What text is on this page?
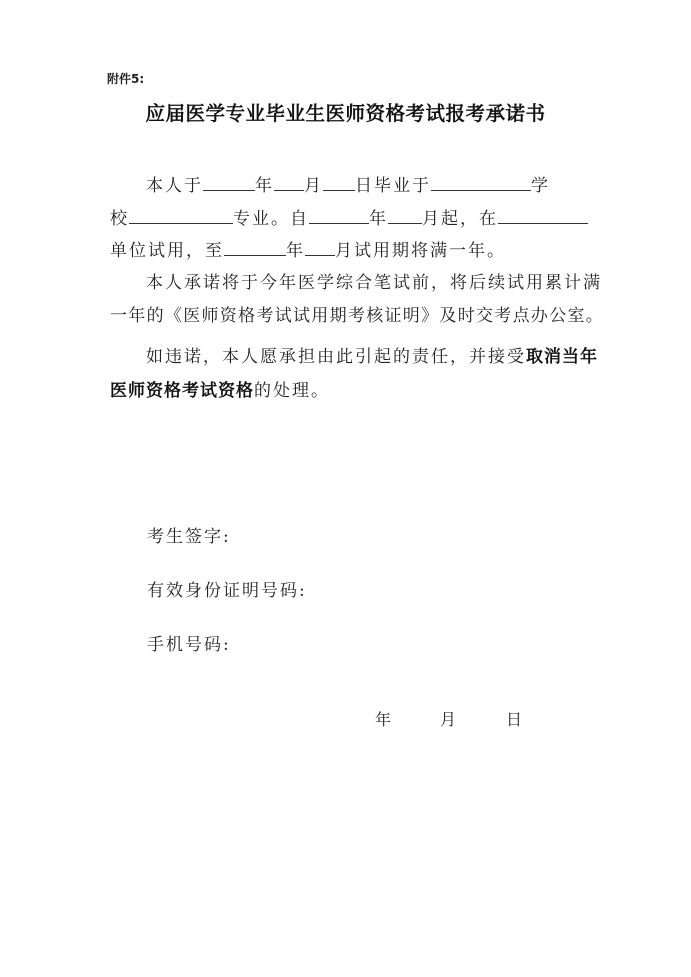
附件5:
应届医学专业毕业生医师资格考试报考承诺书
本人于	年 月 日毕业于	学
校	专业。自	年 月起，在
单位试用，至	年 月试用期将满一年。
本人承诺将于今年医学综合笔试前，将后续试用累计满
一年的《医师资格考试试用期考核证明》及时交考点办公室。
如违诺，本人愿承担由此引起的责任，并接受取消当年
医师资格考试资格的处理。
考生签字:
有效身份证明号码:
手机号码:
年	月	日
